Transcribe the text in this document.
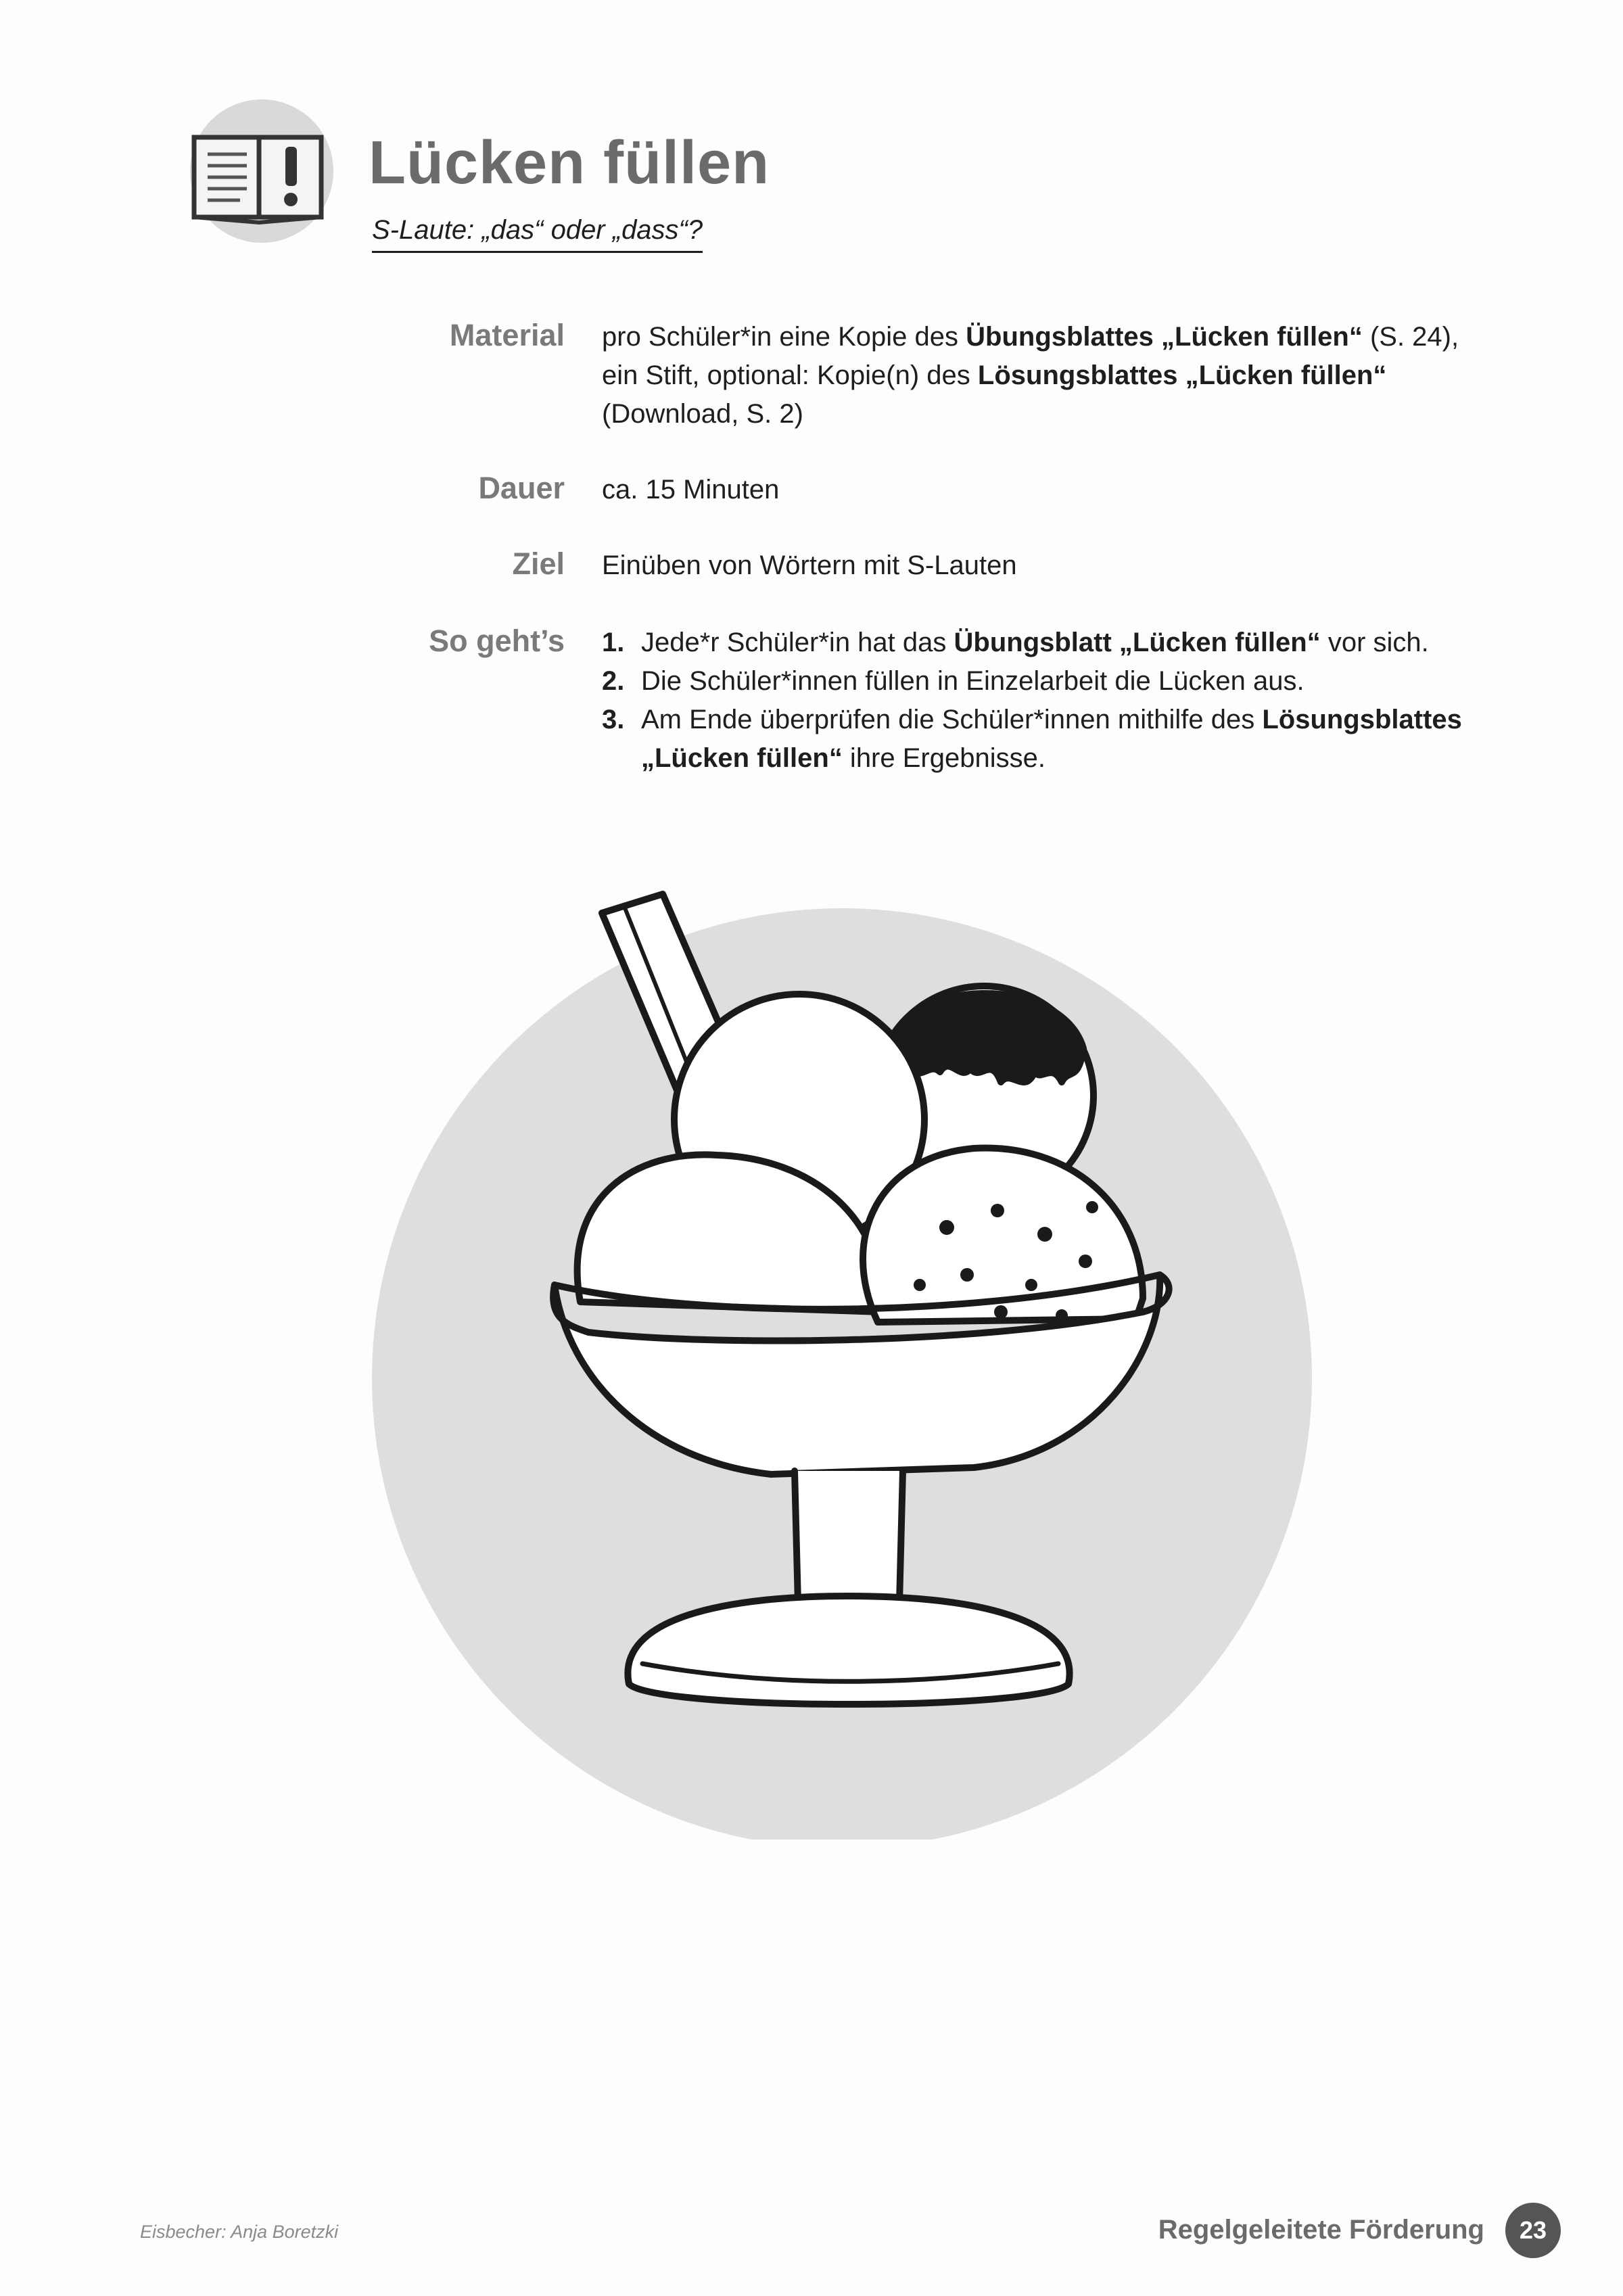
Lücken füllen
S-Laute: „das“ oder „dass“?
Material pro Schüler*in eine Kopie des Übungsblattes „Lücken füllen“ (S. 24), ein Stift, optional: Kopie(n) des Lösungsblattes „Lücken füllen“ (Download, S. 2)
Dauer ca. 15 Minuten
Ziel Einüben von Wörtern mit S-Lauten
So geht’s 1. Jede*r Schüler*in hat das Übungsblatt „Lücken füllen“ vor sich.
2. Die Schüler*innen füllen in Einzelarbeit die Lücken aus.
3. Am Ende überprüfen die Schüler*innen mithilfe des Lösungsblattes „Lücken füllen“ ihre Ergebnisse.
Eisbecher: Anja Boretzki	Regelgeleitete Förderung	23
